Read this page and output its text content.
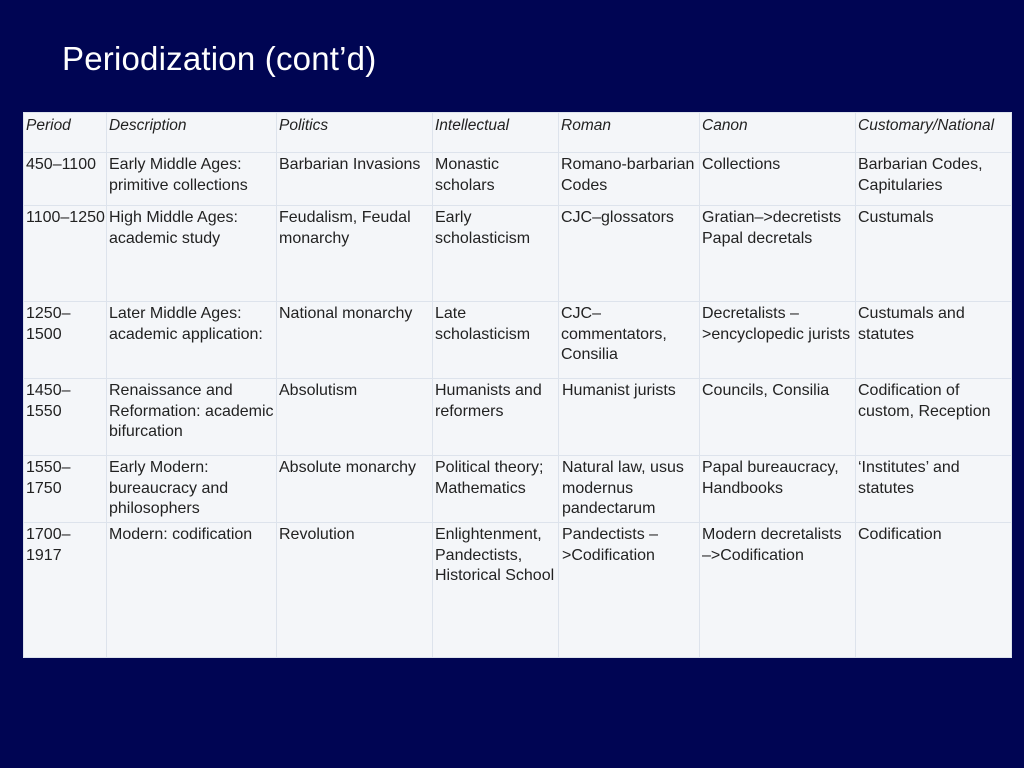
Periodization (cont’d)
Period	Description	Politics	Intellectual	Roman	Canon	Customary/National
450–1100	Early Middle Ages: primitive collections	Barbarian Invasions	Monastic scholars	Romano-barbarian Codes	Collections	Barbarian Codes, Capitularies
1100–1250	High Middle Ages: academic study	Feudalism, Feudal monarchy	Early scholasticism	CJC–glossators	Gratian–>decretists Papal decretals	Custumals
1250–1500	Later Middle Ages: academic application:	National monarchy	Late scholasticism	CJC–commentators, Consilia	Decretalists –>encyclopedic jurists	Custumals and statutes
1450–1550	Renaissance and Reformation: academic bifurcation	Absolutism	Humanists and reformers	Humanist jurists	Councils, Consilia	Codification of custom, Reception
1550–1750	Early Modern: bureaucracy and philosophers	Absolute monarchy	Political theory; Mathematics	Natural law, usus modernus pandectarum	Papal bureaucracy, Handbooks	‘Institutes’ and statutes
1700–1917	Modern: codification	Revolution	Enlightenment, Pandectists, Historical School	Pandectists –>Codification	Modern decretalists –>Codification	Codification
